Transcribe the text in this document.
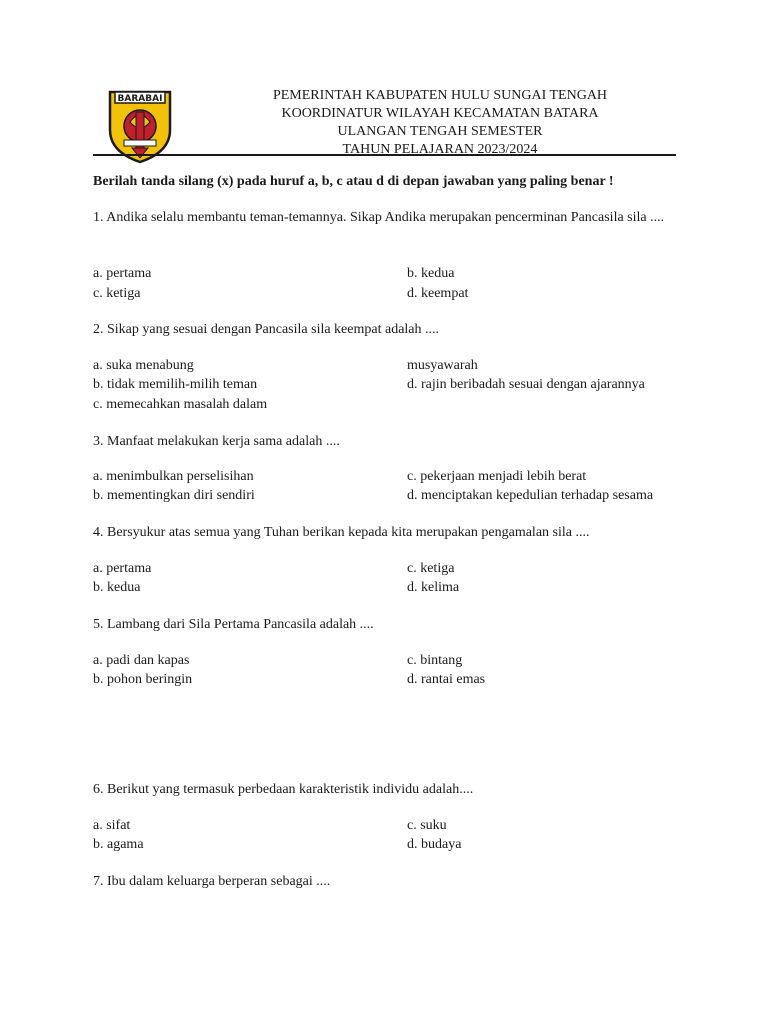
BARABAI	PEMERINTAH KABUPATEN HULU SUNGAI TENGAH
KOORDINATUR WILAYAH KECAMATAN BATARA
ULANGAN TENGAH SEMESTER
TAHUN PELAJARAN 2023/2024
Berilah tanda silang (x) pada huruf a, b, c atau d di depan jawaban yang paling benar !
1. Andika selalu membantu teman-temannya. Sikap Andika merupakan pencerminan Pancasila sila ....
a. pertama	b. kedua
c. ketiga	d. keempat
2. Sikap yang sesuai dengan Pancasila sila keempat adalah ....
a. suka menabung	musyawarah
b. tidak memilih-milih teman	d. rajin beribadah sesuai dengan ajarannya
c. memecahkan masalah dalam
3. Manfaat melakukan kerja sama adalah ....
a. menimbulkan perselisihan	c. pekerjaan menjadi lebih berat
b. mementingkan diri sendiri	d. menciptakan kepedulian terhadap sesama
4. Bersyukur atas semua yang Tuhan berikan kepada kita merupakan pengamalan sila ....
a. pertama	c. ketiga
b. kedua	d. kelima
5. Lambang dari Sila Pertama Pancasila adalah ....
a. padi dan kapas	c. bintang
b. pohon beringin	d. rantai emas
6. Berikut yang termasuk perbedaan karakteristik individu adalah....
a. sifat	c. suku
b. agama	d. budaya
7. Ibu dalam keluarga berperan sebagai ....
